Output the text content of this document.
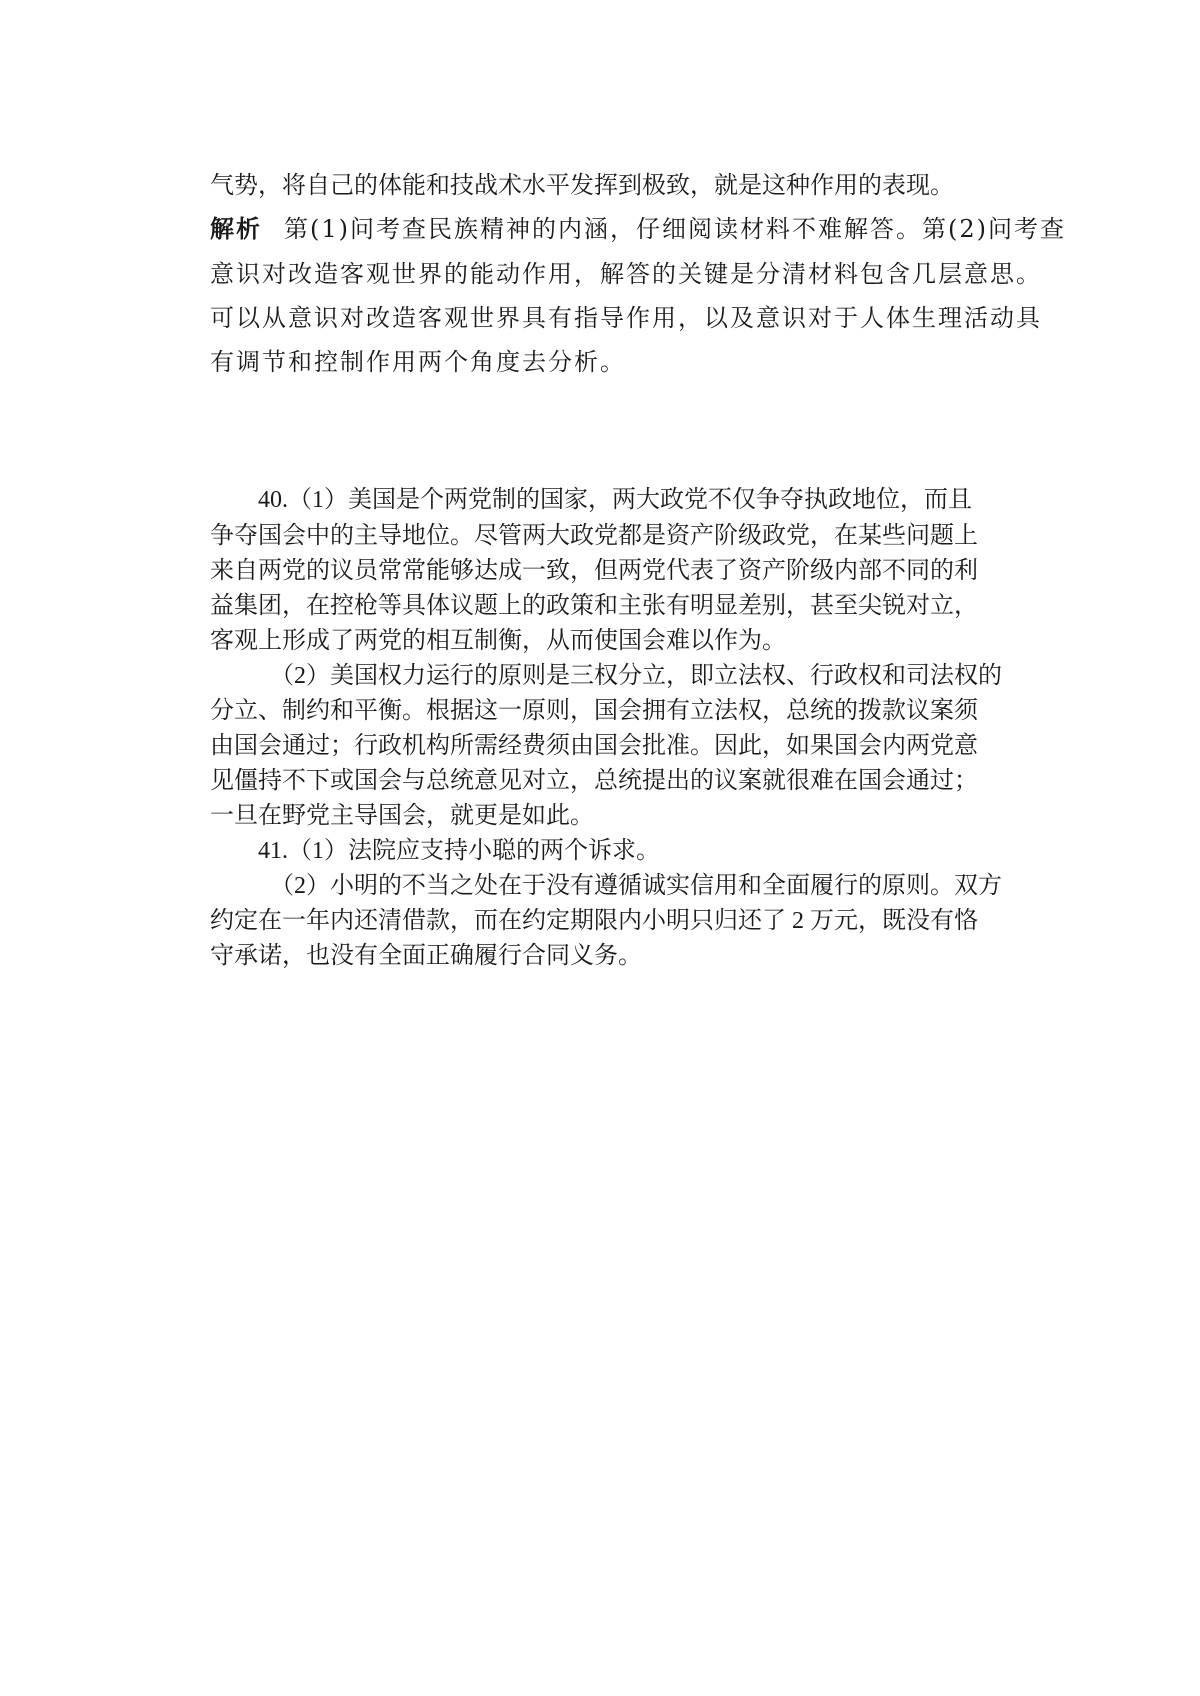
气势，将自己的体能和技战术水平发挥到极致，就是这种作用的表现。
解析 第(1)问考查民族精神的内涵，仔细阅读材料不难解答。第(2)问考查
意识对改造客观世界的能动作用，解答的关键是分清材料包含几层意思。
可以从意识对改造客观世界具有指导作用，以及意识对于人体生理活动具
有调节和控制作用两个角度去分析。
40.（1）美国是个两党制的国家，两大政党不仅争夺执政地位，而且
争夺国会中的主导地位。尽管两大政党都是资产阶级政党，在某些问题上
来自两党的议员常常能够达成一致，但两党代表了资产阶级内部不同的利
益集团，在控枪等具体议题上的政策和主张有明显差别，甚至尖锐对立，
客观上形成了两党的相互制衡，从而使国会难以作为。
（2）美国权力运行的原则是三权分立，即立法权、行政权和司法权的
分立、制约和平衡。根据这一原则，国会拥有立法权，总统的拨款议案须
由国会通过；行政机构所需经费须由国会批准。因此，如果国会内两党意
见僵持不下或国会与总统意见对立，总统提出的议案就很难在国会通过；
一旦在野党主导国会，就更是如此。
41.（1）法院应支持小聪的两个诉求。
（2）小明的不当之处在于没有遵循诚实信用和全面履行的原则。双方
约定在一年内还清借款，而在约定期限内小明只归还了 2 万元，既没有恪
守承诺，也没有全面正确履行合同义务。
